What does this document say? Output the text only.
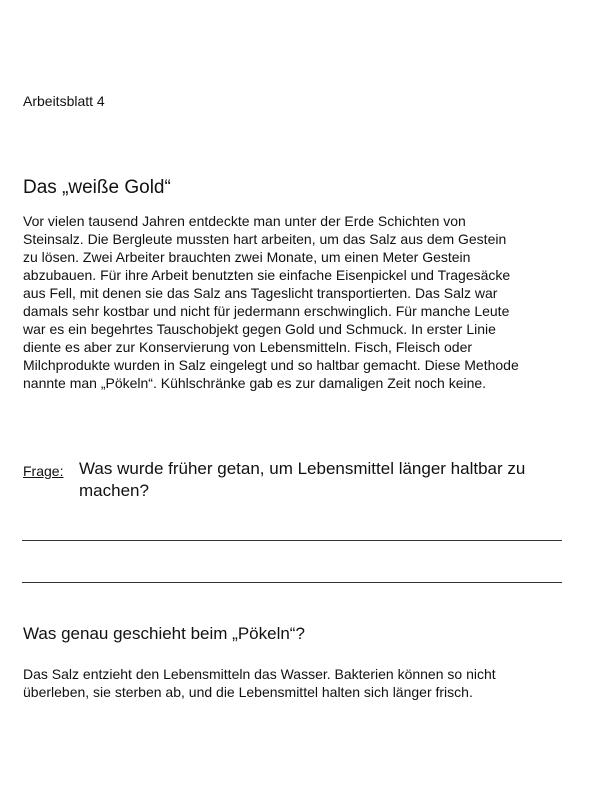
Arbeitsblatt 4
Das „weiße Gold“
Vor vielen tausend Jahren entdeckte man unter der Erde Schichten von
Steinsalz. Die Bergleute mussten hart arbeiten, um das Salz aus dem Gestein
zu lösen. Zwei Arbeiter brauchten zwei Monate, um einen Meter Gestein
abzubauen. Für ihre Arbeit benutzten sie einfache Eisenpickel und Tragesäcke
aus Fell, mit denen sie das Salz ans Tageslicht transportierten. Das Salz war
damals sehr kostbar und nicht für jedermann erschwinglich. Für manche Leute
war es ein begehrtes Tauschobjekt gegen Gold und Schmuck. In erster Linie
diente es aber zur Konservierung von Lebensmitteln. Fisch, Fleisch oder
Milchprodukte wurden in Salz eingelegt und so haltbar gemacht. Diese Methode
nannte man „Pökeln“. Kühlschränke gab es zur damaligen Zeit noch keine.
Frage: Was wurde früher getan, um Lebensmittel länger haltbar zu
machen?
Was genau geschieht beim „Pökeln“?
Das Salz entzieht den Lebensmitteln das Wasser. Bakterien können so nicht
überleben, sie sterben ab, und die Lebensmittel halten sich länger frisch.
